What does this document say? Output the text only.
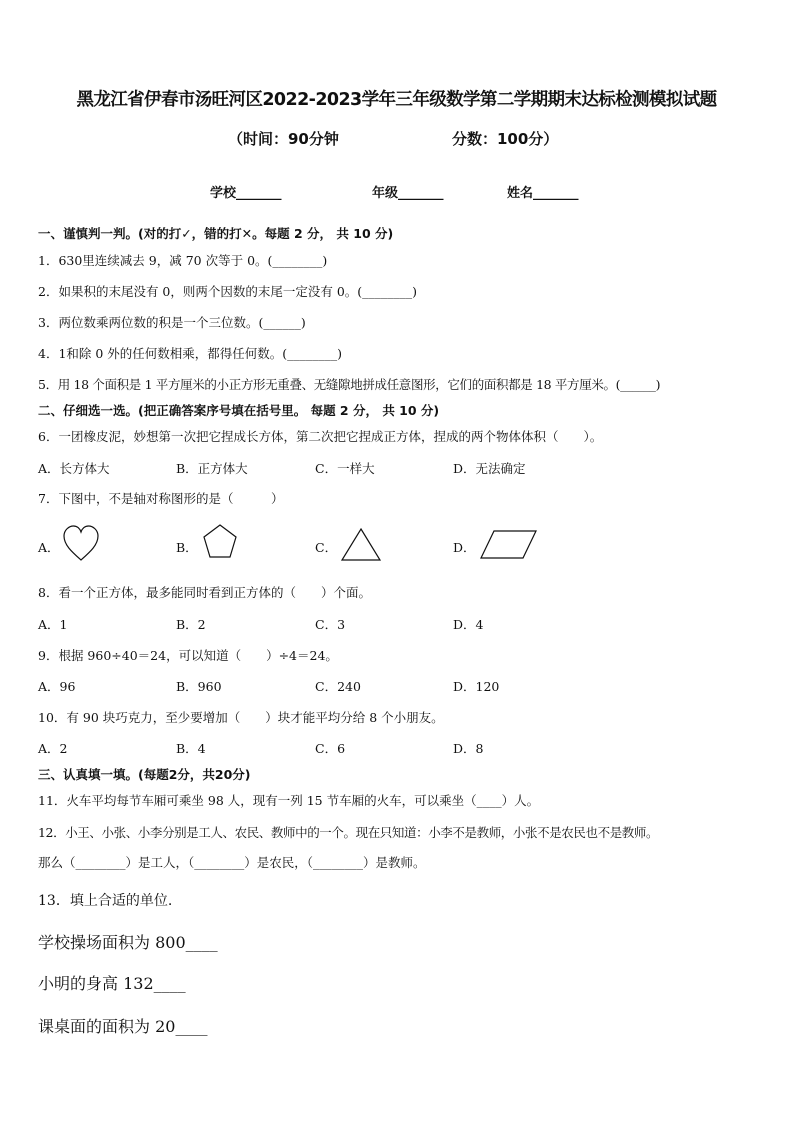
黑龙江省伊春市汤旺河区2022-2023学年三年级数学第二学期期末达标检测模拟试题
（时间：90分钟	分数：100分）
学校_______	年级_______	姓名_______
一、谨慎判一判。(对的打✓，错的打✕。每题 2 分， 共 10 分)
1．630里连续减去 9，减 70 次等于 0。(________)
2．如果积的末尾没有 0，则两个因数的末尾一定没有 0。(________)
3．两位数乘两位数的积是一个三位数。(______)
4．1和除 0 外的任何数相乘，都得任何数。(________)
5．用 18 个面积是 1 平方厘米的小正方形无重叠、无缝隙地拼成任意图形，它们的面积都是 18 平方厘米。(______)
二、仔细选一选。(把正确答案序号填在括号里。 每题 2 分， 共 10 分)
6．一团橡皮泥，妙想第一次把它捏成长方体，第二次把它捏成正方体，捏成的两个物体体积（　　）。
A．长方体大	B．正方体大	C．一样大	D．无法确定
7．下图中，不是轴对称图形的是（　　　）
A．	B．	C．	D．
8．看一个正方体，最多能同时看到正方体的（　　）个面。
A．1	B．2	C．3	D．4
9．根据 960÷40＝24，可以知道（　　）÷4＝24。
A．96	B．960	C．240	D．120
10．有 90 块巧克力，至少要增加（　　）块才能平均分给 8 个小朋友。
A．2	B．4	C．6	D．8
三、认真填一填。(每题2分，共20分)
11．火车平均每节车厢可乘坐 98 人，现有一列 15 节车厢的火车，可以乘坐（____）人。
12．小王、小张、小李分别是工人、农民、教师中的一个。现在只知道：小李不是教师，小张不是农民也不是教师。
那么（________）是工人，（________）是农民，（________）是教师。
13．填上合适的单位.
学校操场面积为 800____
小明的身高 132____
课桌面的面积为 20____
